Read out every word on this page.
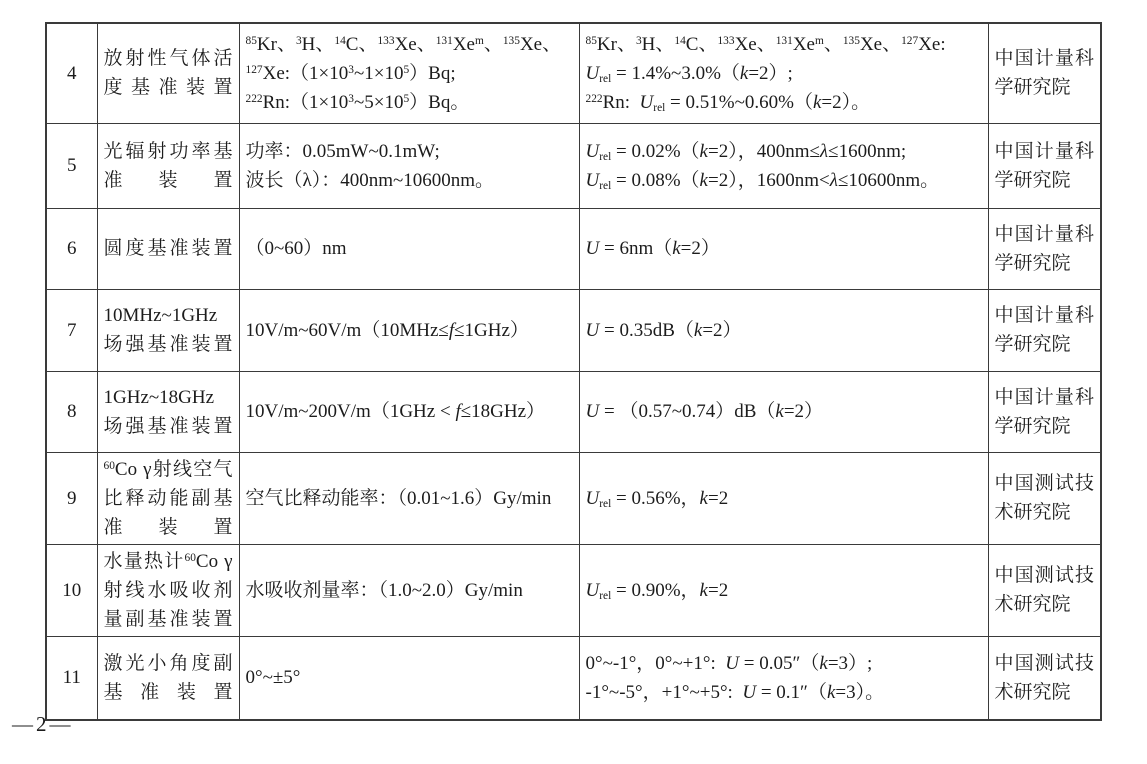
4	放射性气体活
度基准装置	$^{85}$Kr、$^3$H、$^{14}$C、$^{133}$Xe、$^{131}$Xe$^m$、$^{135}$Xe、
$^{127}Xe:(1\times 10^3\sim 1\times 10^5)Bq$;
$^{222}Rn:(1\times 10^3\sim 5\times 10^5)Bq$。	$^{85}$Kr、$^3$H、$^{14}$C、$^{133}$Xe、$^{131}$Xe$^m$、$^{135}$Xe、$^{127}$Xe:
$U_{rel}$ = 1.4%~3.0%（k=2）;
$^{222}$Rn:  $U_{rel}$ = 0.51%~0.60%（k=2）。	中国计量科学研究院
5	光辐射功率基
准装置	功率：0.05mW~0.1mW;
波长（λ）：400nm~10600nm。	$U_{rel} = 0.02\%(k=2)$，400nm≤λ≤1600nm;
$U_{rel} = 0.08\%(k=2)$，1600nm<λ≤10600nm。	中国计量科学研究院
6	圆度基准装置	（0~60）nm	U = 6nm（k=2）	中国计量科学研究院
7	10MHz~1GHz
场强基准装置	10V/m~60V/m（10MHz≤f≤1GHz）	U = 0.35dB（k=2）	中国计量科学研究院
8	1GHz~18GHz
场强基准装置	10V/m~200V/m（1GHz < f≤18GHz）	U = （0.57~0.74）dB（k=2）	中国计量科学研究院
9	$^{60}$Co γ射线空气
比释动能副基
准装置	空气比释动能率：（0.01~1.6）Gy/min	$U_{rel} = 0.56\%$，k=2	中国测试技术研究院
10	水量热计$^{60}$Co γ
射线水吸收剂
量副基准装置	水吸收剂量率：（1.0~2.0）Gy/min	$U_{rel} = 0.90\%$，k=2	中国测试技术研究院
11	激光小角度副
基准装置	0°~±5°	0°~-1°，0°~+1°:  U = 0.05″（k=3）;
-1°~-5°，+1°~+5°:  U = 0.1″（k=3）。	中国测试技术研究院
—2—
